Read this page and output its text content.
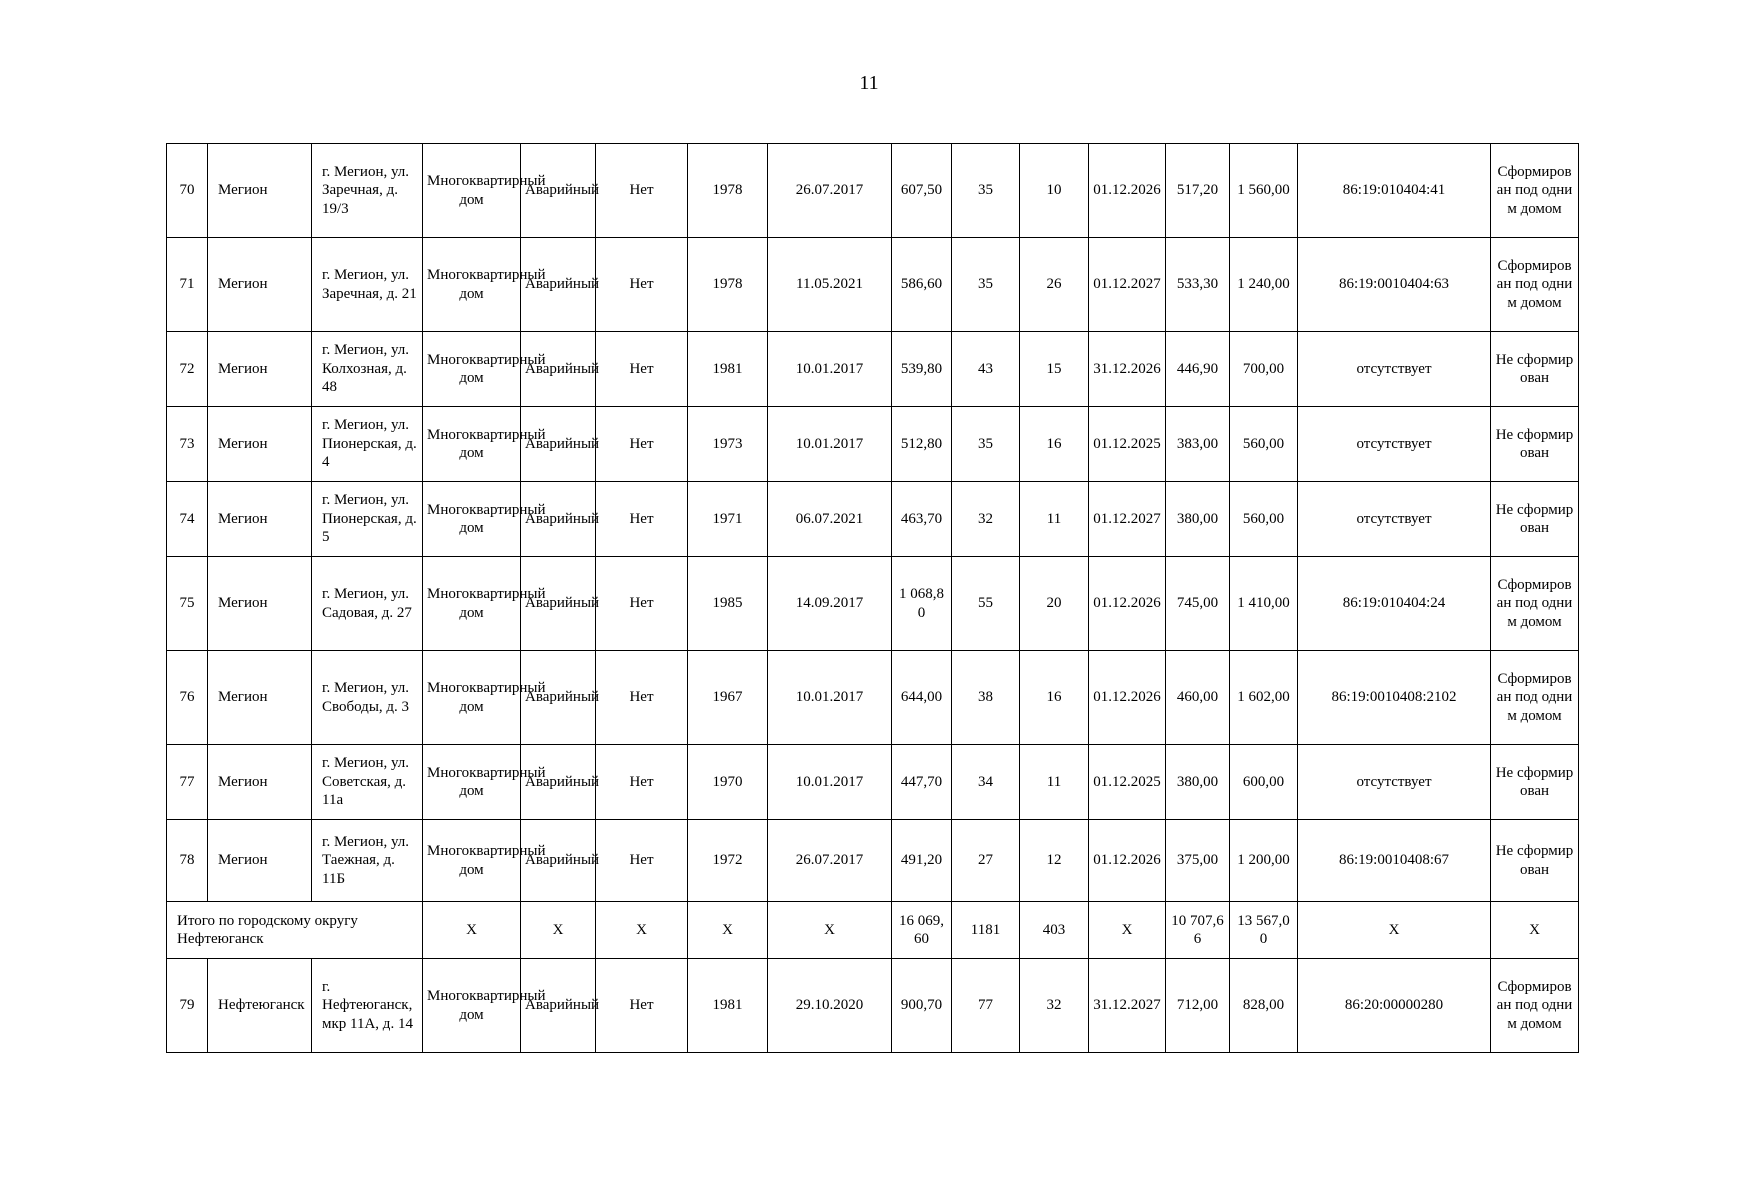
11
70	Мегион	г. Мегион, ул. Заречная, д. 19/3	Многоквартирный дом	Аварийный	Нет	1978	26.07.2017	607,50	35	10	01.12.2026	517,20	1 560,00	86:19:010404:41	Сформирован под одним домом
71	Мегион	г. Мегион, ул. Заречная, д. 21	Многоквартирный дом	Аварийный	Нет	1978	11.05.2021	586,60	35	26	01.12.2027	533,30	1 240,00	86:19:0010404:63	Сформирован под одним домом
72	Мегион	г. Мегион, ул. Колхозная, д. 48	Многоквартирный дом	Аварийный	Нет	1981	10.01.2017	539,80	43	15	31.12.2026	446,90	700,00	отсутствует	Не сформирован
73	Мегион	г. Мегион, ул. Пионерская, д. 4	Многоквартирный дом	Аварийный	Нет	1973	10.01.2017	512,80	35	16	01.12.2025	383,00	560,00	отсутствует	Не сформирован
74	Мегион	г. Мегион, ул. Пионерская, д. 5	Многоквартирный дом	Аварийный	Нет	1971	06.07.2021	463,70	32	11	01.12.2027	380,00	560,00	отсутствует	Не сформирован
75	Мегион	г. Мегион, ул. Садовая, д. 27	Многоквартирный дом	Аварийный	Нет	1985	14.09.2017	1 068,80	55	20	01.12.2026	745,00	1 410,00	86:19:010404:24	Сформирован под одним домом
76	Мегион	г. Мегион, ул. Свободы, д. 3	Многоквартирный дом	Аварийный	Нет	1967	10.01.2017	644,00	38	16	01.12.2026	460,00	1 602,00	86:19:0010408:2102	Сформирован под одним домом
77	Мегион	г. Мегион, ул. Советская, д. 11а	Многоквартирный дом	Аварийный	Нет	1970	10.01.2017	447,70	34	11	01.12.2025	380,00	600,00	отсутствует	Не сформирован
78	Мегион	г. Мегион, ул. Таежная, д. 11Б	Многоквартирный дом	Аварийный	Нет	1972	26.07.2017	491,20	27	12	01.12.2026	375,00	1 200,00	86:19:0010408:67	Не сформирован
Итого по городскому округу Нефтеюганск			Х	Х	Х	Х	Х	16 069,60	1181	403	Х	10 707,66	13 567,00	Х	Х
79	Нефтеюганск	г. Нефтеюганск, мкр 11А, д. 14	Многоквартирный дом	Аварийный	Нет	1981	29.10.2020	900,70	77	32	31.12.2027	712,00	828,00	86:20:00000280	Сформирован под одним домом
